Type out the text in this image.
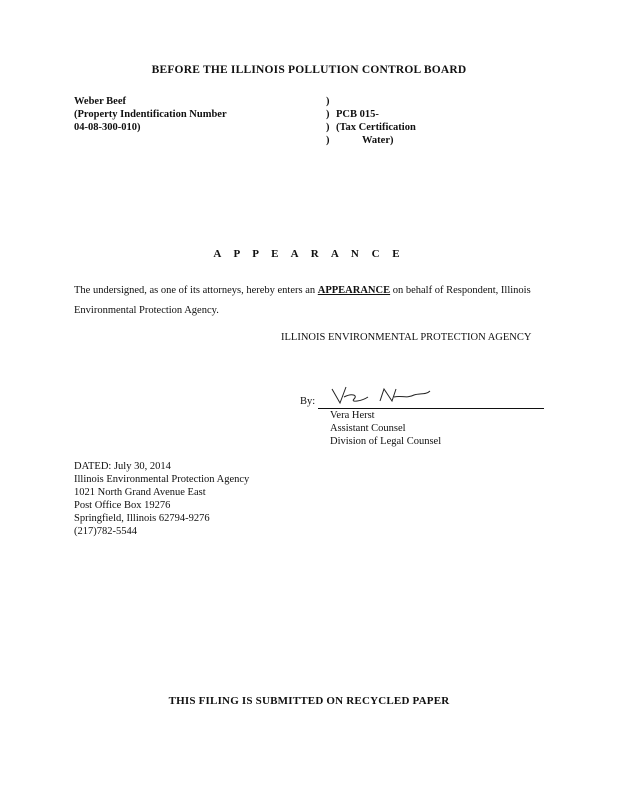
BEFORE THE ILLINOIS POLLUTION CONTROL BOARD
Weber Beef
(Property Indentification Number
04-08-300-010)
)
)
)
)
PCB 015-
(Tax Certification
Water)
A P P E A R A N C E
The undersigned, as one of its attorneys, hereby enters an APPEARANCE on behalf of Respondent, Illinois Environmental Protection Agency.
ILLINOIS ENVIRONMENTAL PROTECTION AGENCY
By:
Vera Herst
Assistant Counsel
Division of Legal Counsel
DATED: July 30, 2014
Illinois Environmental Protection Agency
1021 North Grand Avenue East
Post Office Box 19276
Springfield, Illinois 62794-9276
(217)782-5544
THIS FILING IS SUBMITTED ON RECYCLED PAPER
